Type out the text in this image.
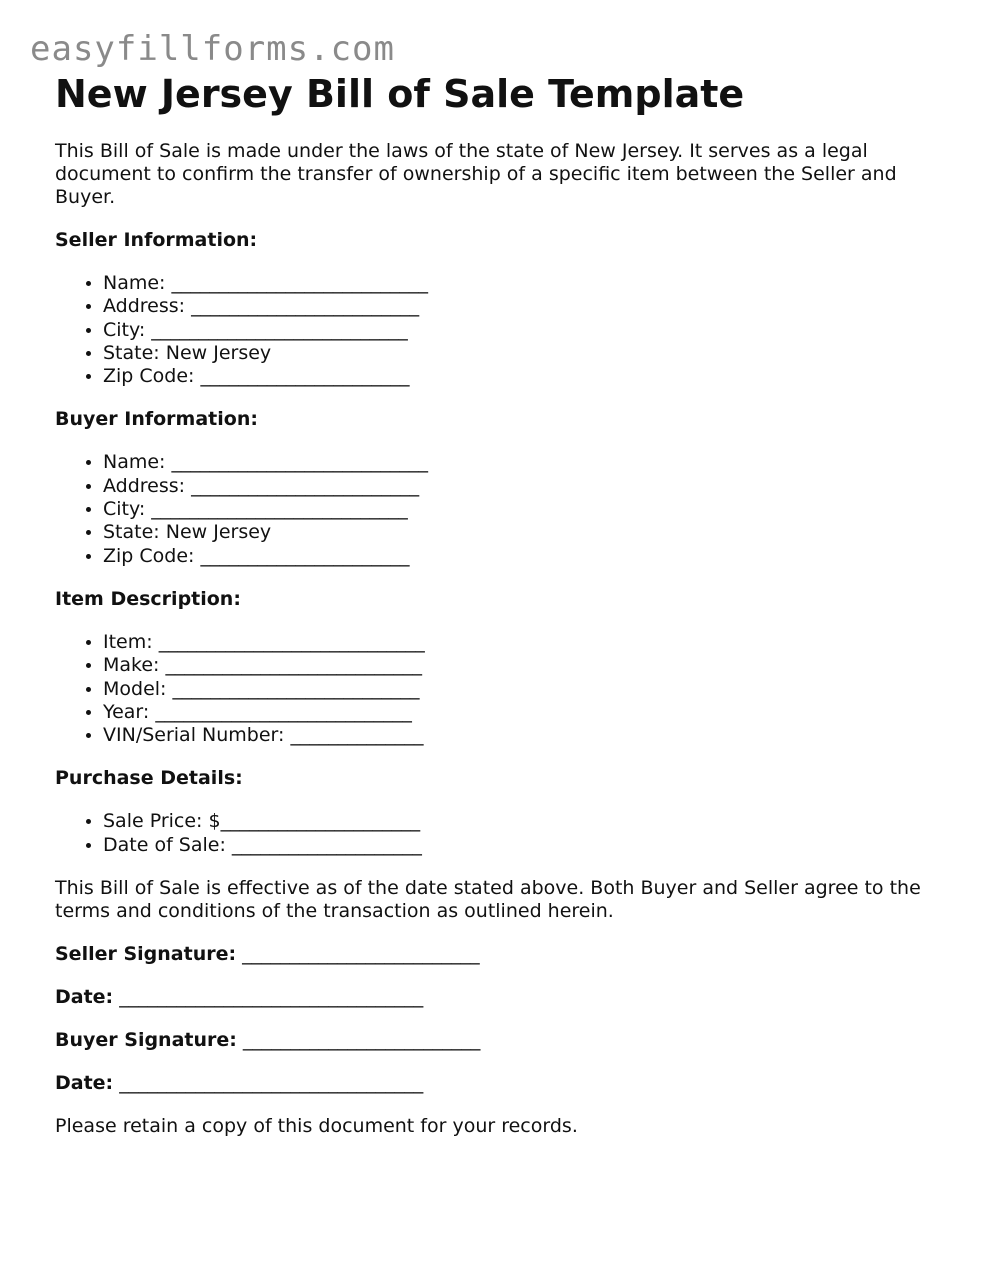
easyfillforms.com
New Jersey Bill of Sale Template

This Bill of Sale is made under the laws of the state of New Jersey. It serves as a legal document to confirm the transfer of ownership of a specific item between the Seller and Buyer.

Seller Information:
• Name: ___________________________
• Address: ________________________
• City: ___________________________
• State: New Jersey
• Zip Code: ______________________
Buyer Information:
• Name: ___________________________
• Address: ________________________
• City: ___________________________
• State: New Jersey
• Zip Code: ______________________
Item Description:
• Item: ____________________________
• Make: ___________________________
• Model: __________________________
• Year: ___________________________
• VIN/Serial Number: ______________
Purchase Details:
• Sale Price: $_____________________
• Date of Sale: ____________________

This Bill of Sale is effective as of the date stated above. Both Buyer and Seller agree to the terms and conditions of the transaction as outlined herein.

Seller Signature: _________________________
Date: ________________________________
Buyer Signature: _________________________
Date: ________________________________

Please retain a copy of this document for your records.
